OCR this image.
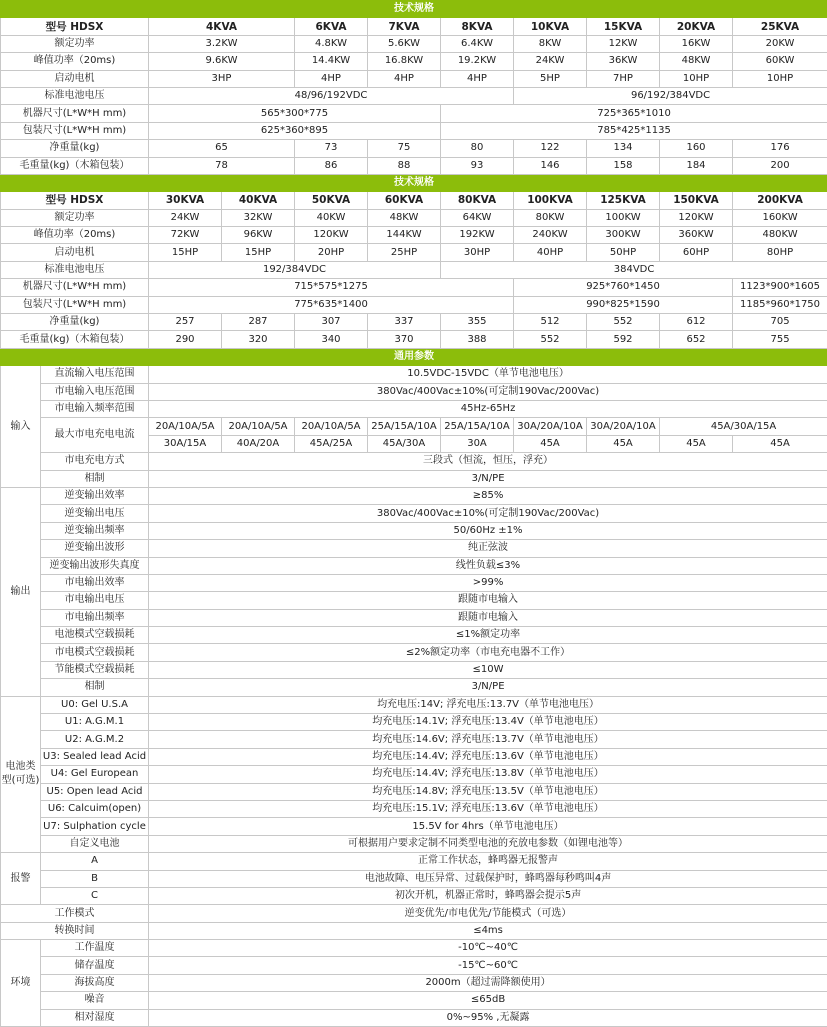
技术规格										
型号 HDSX		4KVA		6KVA	7KVA	8KVA	10KVA	15KVA	20KVA	25KVA
额定功率		3.2KW		4.8KW	5.6KW	6.4KW	8KW	12KW	16KW	20KW
峰值功率（20ms)		9.6KW		14.4KW	16.8KW	19.2KW	24KW	36KW	48KW	60KW
启动电机		3HP		4HP	4HP	4HP	5HP	7HP	10HP	10HP
标准电池电压		48/96/192VDC					96/192/384VDC			
机器尺寸(L*W*H mm)		565*300*775				725*365*1010				
包装尺寸(L*W*H mm)		625*360*895				785*425*1135				
净重量(kg)		65		73	75	80	122	134	160	176
毛重量(kg)（木箱包装）		78		86	88	93	146	158	184	200
技术规格										
型号 HDSX		30KVA	40KVA	50KVA	60KVA	80KVA	100KVA	125KVA	150KVA	200KVA
额定功率		24KW	32KW	40KW	48KW	64KW	80KW	100KW	120KW	160KW
峰值功率（20ms)		72KW	96KW	120KW	144KW	192KW	240KW	300KW	360KW	480KW
启动电机		15HP	15HP	20HP	25HP	30HP	40HP	50HP	60HP	80HP
标准电池电压		192/384VDC				384VDC				
机器尺寸(L*W*H mm)		715*575*1275					925*760*1450			1123*900*1605
包装尺寸(L*W*H mm)		775*635*1400					990*825*1590			1185*960*1750
净重量(kg)		257	287	307	337	355	512	552	612	705
毛重量(kg)（木箱包装）		290	320	340	370	388	552	592	652	755
通用参数										
输入	直流输入电压范围	10.5VDC-15VDC（单节电池电压）								
	市电输入电压范围	380Vac/400Vac±10%(可定制190Vac/200Vac)								
	市电输入频率范围	45Hz-65Hz								
	最大市电充电电流	20A/10A/5A	20A/10A/5A	20A/10A/5A	25A/15A/10A	25A/15A/10A	30A/20A/10A	30A/20A/10A	45A/30A/15A	
		30A/15A	40A/20A	45A/25A	45A/30A	30A	45A	45A	45A	45A
	市电充电方式	三段式（恒流，恒压，浮充）								
	相制	3/N/PE								
输出	逆变输出效率	≥85%								
	逆变输出电压	380Vac/400Vac±10%(可定制190Vac/200Vac)								
	逆变输出频率	50/60Hz ±1%								
	逆变输出波形	纯正弦波								
	逆变输出波形失真度	线性负载≤3%								
	市电输出效率	>99%								
	市电输出电压	跟随市电输入								
	市电输出频率	跟随市电输入								
	电池模式空载损耗	≤1%额定功率								
	市电模式空载损耗	≤2%额定功率（市电充电器不工作）								
	节能模式空载损耗	≤10W								
	相制	3/N/PE								
电池类型(可选)	U0: Gel U.S.A	均充电压:14V; 浮充电压:13.7V（单节电池电压）								
	U1: A.G.M.1	均充电压:14.1V; 浮充电压:13.4V（单节电池电压）								
	U2: A.G.M.2	均充电压:14.6V; 浮充电压:13.7V（单节电池电压）								
	U3: Sealed lead Acid	均充电压:14.4V; 浮充电压:13.6V（单节电池电压）								
	U4: Gel European	均充电压:14.4V; 浮充电压:13.8V（单节电池电压）								
	U5: Open lead Acid	均充电压:14.8V; 浮充电压:13.5V（单节电池电压）								
	U6: Calcuim(open)	均充电压:15.1V; 浮充电压:13.6V（单节电池电压）								
	U7: Sulphation cycle	15.5V for 4hrs（单节电池电压）								
	自定义电池	可根据用户要求定制不同类型电池的充放电参数（如锂电池等）								
报警	A	正常工作状态，蜂鸣器无报警声								
	B	电池故障、电压异常、过载保护时，蜂鸣器每秒鸣叫4声								
	C	初次开机，机器正常时，蜂鸣器会提示5声								
工作模式		逆变优先/市电优先/节能模式（可选）								
转换时间		≤4ms								
环境	工作温度	-10℃~40℃								
	储存温度	-15℃~60℃								
	海拔高度	2000m（超过需降额使用）								
	噪音	≤65dB								
	相对湿度	0%~95% ,无凝露								
